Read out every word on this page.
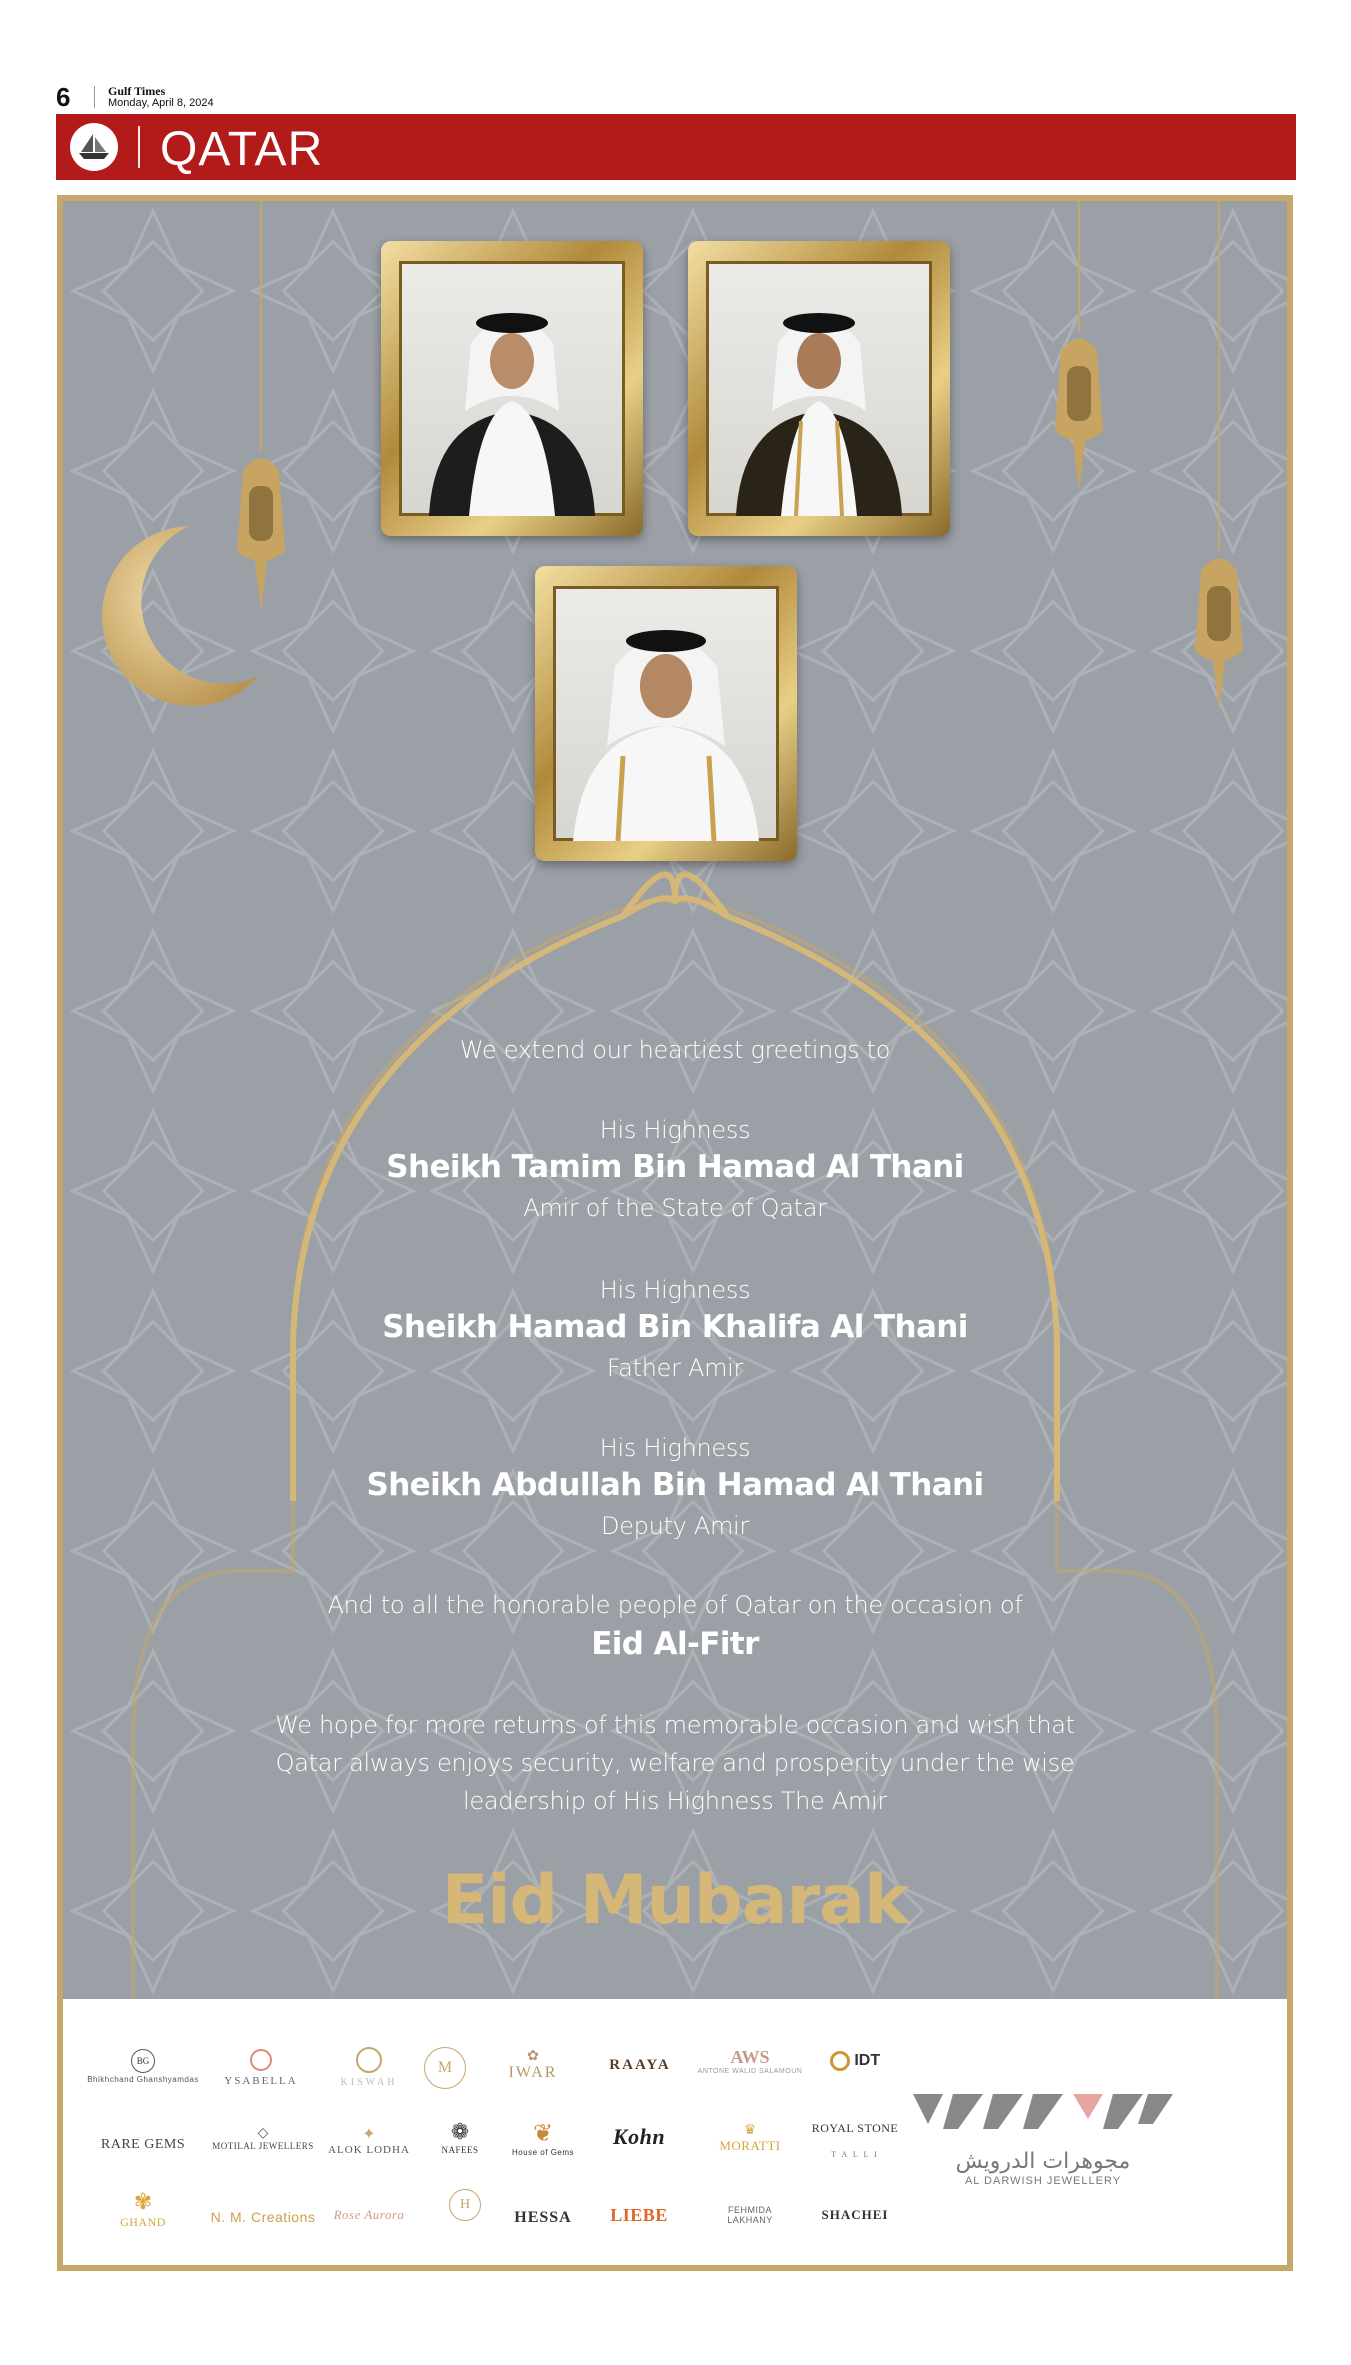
6	Gulf Times
Monday, April 8, 2024
QATAR
We extend our heartiest greetings to
His Highness
Sheikh Tamim Bin Hamad Al Thani
Amir of the State of Qatar
His Highness
Sheikh Hamad Bin Khalifa Al Thani
Father Amir
His Highness
Sheikh Abdullah Bin Hamad Al Thani
Deputy Amir
And to all the honorable people of Qatar on the occasion of
Eid Al-Fitr
We hope for more returns of this memorable occasion and wish that
Qatar always enjoys security, welfare and prosperity under the wise
leadership of His Highness The Amir
Eid Mubarak
BG
Bhikhchand Ghanshyamdas	YSABELLA	KISWAH
M
✿
IWAR	RAAYA	AWS
ANTONE WALID SALAMOUN
IDT
RARE GEMS
◇
MOTILAL JEWELLERS
✦
ALOK LODHA
❁
NAFEES
❦
House of Gems
Kohn	♛
MORATTI
ROYAL STONE
T A L L I
✾
GHAND	N. M. Creations	Rose Aurora
H
HESSA	LIEBE	FEHMIDA LAKHANY	SHACHEI
مجوهرات الدرويش
AL DARWISH JEWELLERY
